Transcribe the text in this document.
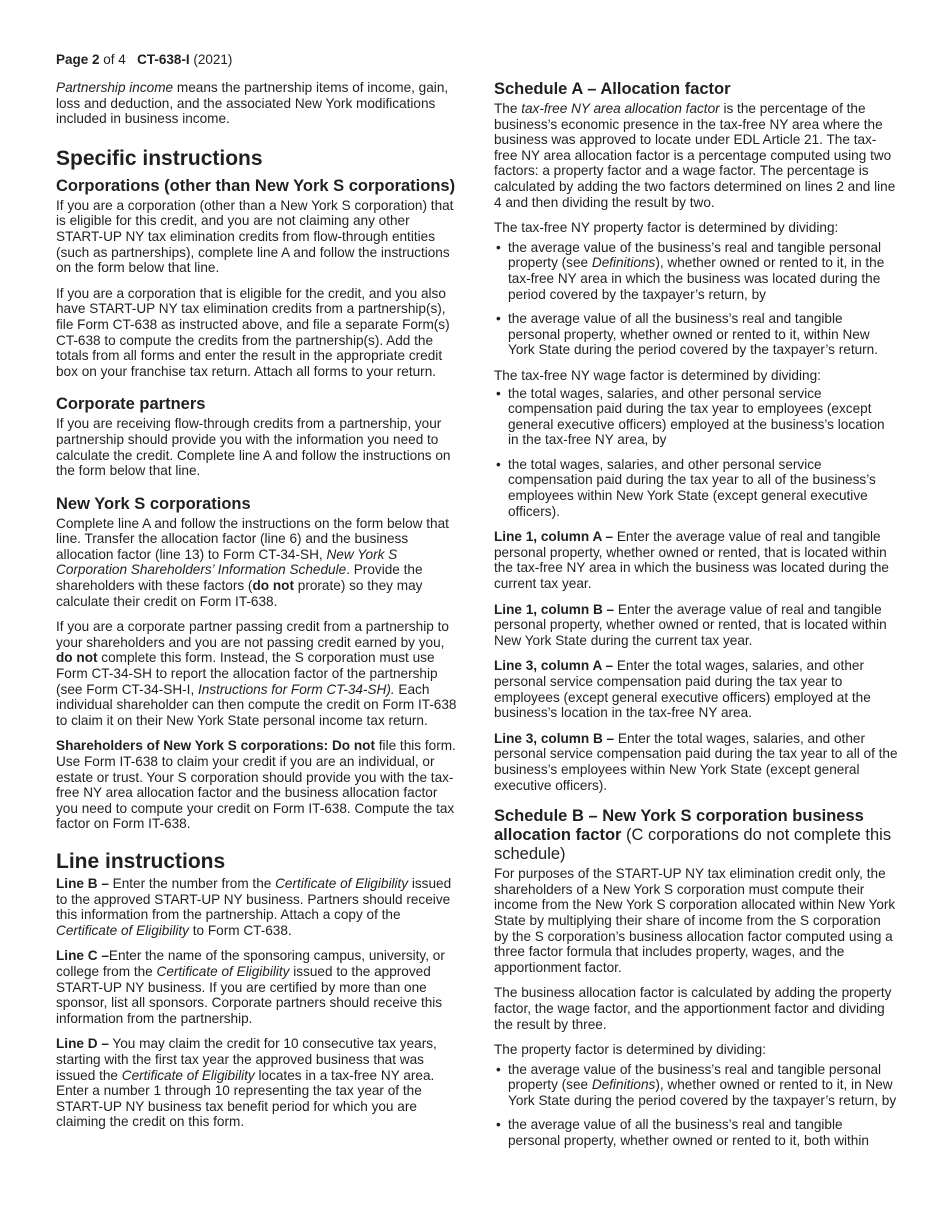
Page 2 of 4 CT-638-I (2021)

Partnership income means the partnership items of income, gain, loss and deduction, and the associated New York modifications included in business income.

Specific instructions
Corporations (other than New York S corporations)

If you are a corporation (other than a New York S corporation) that is eligible for this credit, and you are not claiming any other START-UP NY tax elimination credits from flow-through entities (such as partnerships), complete line A and follow the instructions on the form below that line.

If you are a corporation that is eligible for the credit, and you also have START-UP NY tax elimination credits from a partnership(s), file Form CT-638 as instructed above, and file a separate Form(s) CT-638 to compute the credits from the partnership(s). Add the totals from all forms and enter the result in the appropriate credit box on your franchise tax return. Attach all forms to your return.

Corporate partners

If you are receiving flow-through credits from a partnership, your partnership should provide you with the information you need to calculate the credit. Complete line A and follow the instructions on the form below that line.

New York S corporations

Complete line A and follow the instructions on the form below that line. Transfer the allocation factor (line 6) and the business allocation factor (line 13) to Form CT-34-SH, New York S Corporation Shareholders’ Information Schedule. Provide the shareholders with these factors (do not prorate) so they may calculate their credit on Form IT-638.

If you are a corporate partner passing credit from a partnership to your shareholders and you are not passing credit earned by you, do not complete this form. Instead, the S corporation must use Form CT-34-SH to report the allocation factor of the partnership (see Form CT-34-SH-I, Instructions for Form CT-34-SH). Each individual shareholder can then compute the credit on Form IT-638 to claim it on their New York State personal income tax return.

Shareholders of New York S corporations: Do not file this form. Use Form IT-638 to claim your credit if you are an individual, or estate or trust. Your S corporation should provide you with the tax-free NY area allocation factor and the business allocation factor you need to compute your credit on Form IT-638. Compute the tax factor on Form IT-638.

Line instructions

Line B – Enter the number from the Certificate of Eligibility issued to the approved START-UP NY business. Partners should receive this information from the partnership. Attach a copy of the Certificate of Eligibility to Form CT-638.

Line C –Enter the name of the sponsoring campus, university, or college from the Certificate of Eligibility issued to the approved START-UP NY business. If you are certified by more than one sponsor, list all sponsors. Corporate partners should receive this information from the partnership.

Line D – You may claim the credit for 10 consecutive tax years, starting with the first tax year the approved business that was issued the Certificate of Eligibility locates in a tax-free NY area. Enter a number 1 through 10 representing the tax year of the START-UP NY business tax benefit period for which you are claiming the credit on this form.

Schedule A – Allocation factor

The tax-free NY area allocation factor is the percentage of the business’s economic presence in the tax-free NY area where the business was approved to locate under EDL Article 21. The tax-free NY area allocation factor is a percentage computed using two factors: a property factor and a wage factor. The percentage is calculated by adding the two factors determined on lines 2 and line 4 and then dividing the result by two.

The tax-free NY property factor is determined by dividing:

• the average value of the business’s real and tangible personal property (see Definitions), whether owned or rented to it, in the tax-free NY area in which the business was located during the period covered by the taxpayer’s return, by
• the average value of all the business’s real and tangible personal property, whether owned or rented to it, within New York State during the period covered by the taxpayer’s return.

The tax-free NY wage factor is determined by dividing:

• the total wages, salaries, and other personal service compensation paid during the tax year to employees (except general executive officers) employed at the business’s location in the tax-free NY area, by
• the total wages, salaries, and other personal service compensation paid during the tax year to all of the business’s employees within New York State (except general executive officers).

Line 1, column A – Enter the average value of real and tangible personal property, whether owned or rented, that is located within the tax-free NY area in which the business was located during the current tax year.

Line 1, column B – Enter the average value of real and tangible personal property, whether owned or rented, that is located within New York State during the current tax year.

Line 3, column A – Enter the total wages, salaries, and other personal service compensation paid during the tax year to employees (except general executive officers) employed at the business’s location in the tax-free NY area.

Line 3, column B – Enter the total wages, salaries, and other personal service compensation paid during the tax year to all of the business’s employees within New York State (except general executive officers).

Schedule B – New York S corporation business allocation factor (C corporations do not complete this schedule)

For purposes of the START-UP NY tax elimination credit only, the shareholders of a New York S corporation must compute their income from the New York S corporation allocated within New York State by multiplying their share of income from the S corporation by the S corporation’s business allocation factor computed using a three factor formula that includes property, wages, and the apportionment factor.

The business allocation factor is calculated by adding the property factor, the wage factor, and the apportionment factor and dividing the result by three.

The property factor is determined by dividing:

• the average value of the business’s real and tangible personal property (see Definitions), whether owned or rented to it, in New York State during the period covered by the taxpayer’s return, by
• the average value of all the business’s real and tangible personal property, whether owned or rented to it, both within
